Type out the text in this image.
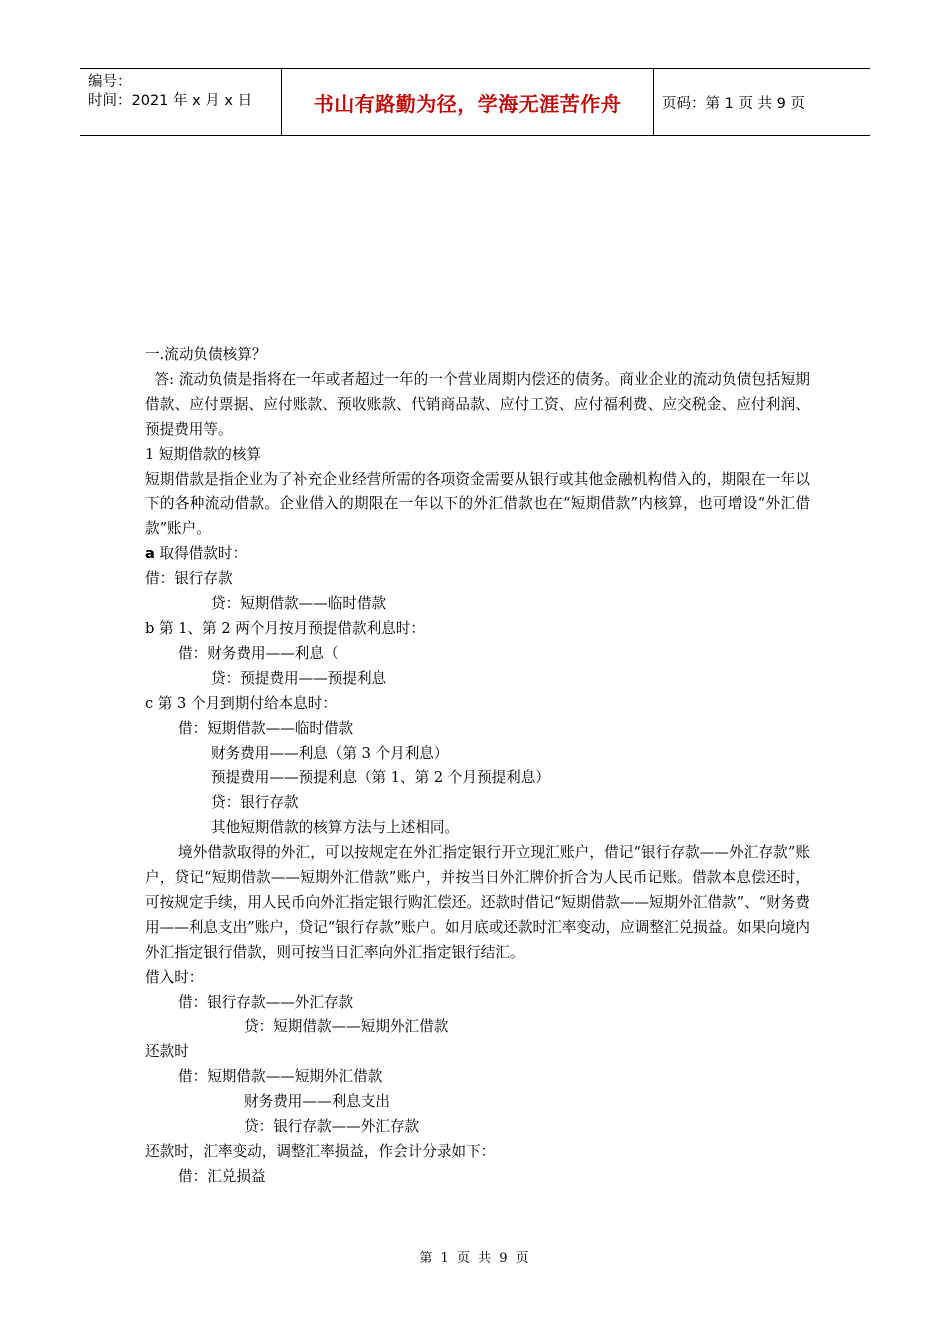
编号：
时间：2021 年 x 月 x 日	书山有路勤为径，学海无涯苦作舟	页码：第 1 页 共 9 页

一.流动负债核算？

答: 流动负债是指将在一年或者超过一年的一个营业周期内偿还的债务。商业企业的流动负债包括短期借款、应付票据、应付账款、预收账款、代销商品款、应付工资、应付福利费、应交税金、应付利润、预提费用等。

1 短期借款的核算

短期借款是指企业为了补充企业经营所需的各项资金需要从银行或其他金融机构借入的，期限在一年以下的各种流动借款。企业借入的期限在一年以下的外汇借款也在“短期借款”内核算，也可增设“外汇借款”账户。

a 取得借款时：

借：银行存款

贷：短期借款——临时借款

b 第 1、第 2 两个月按月预提借款利息时：

借：财务费用——利息（

贷：预提费用——预提利息

c 第 3 个月到期付给本息时：

借：短期借款——临时借款

财务费用——利息（第 3 个月利息）

预提费用——预提利息（第 1、第 2 个月预提利息）

贷：银行存款

其他短期借款的核算方法与上述相同。

境外借款取得的外汇，可以按规定在外汇指定银行开立现汇账户，借记“银行存款——外汇存款”账户，贷记“短期借款——短期外汇借款”账户，并按当日外汇牌价折合为人民币记账。借款本息偿还时，可按规定手续，用人民币向外汇指定银行购汇偿还。还款时借记“短期借款——短期外汇借款”、“财务费用——利息支出”账户，贷记“银行存款”账户。如月底或还款时汇率变动，应调整汇兑损益。如果向境内外汇指定银行借款，则可按当日汇率向外汇指定银行结汇。

借入时：

借：银行存款——外汇存款

贷：短期借款——短期外汇借款

还款时

借：短期借款——短期外汇借款

财务费用——利息支出

贷：银行存款——外汇存款

还款时，汇率变动，调整汇率损益，作会计分录如下：

借：汇兑损益

第 1 页 共 9 页
